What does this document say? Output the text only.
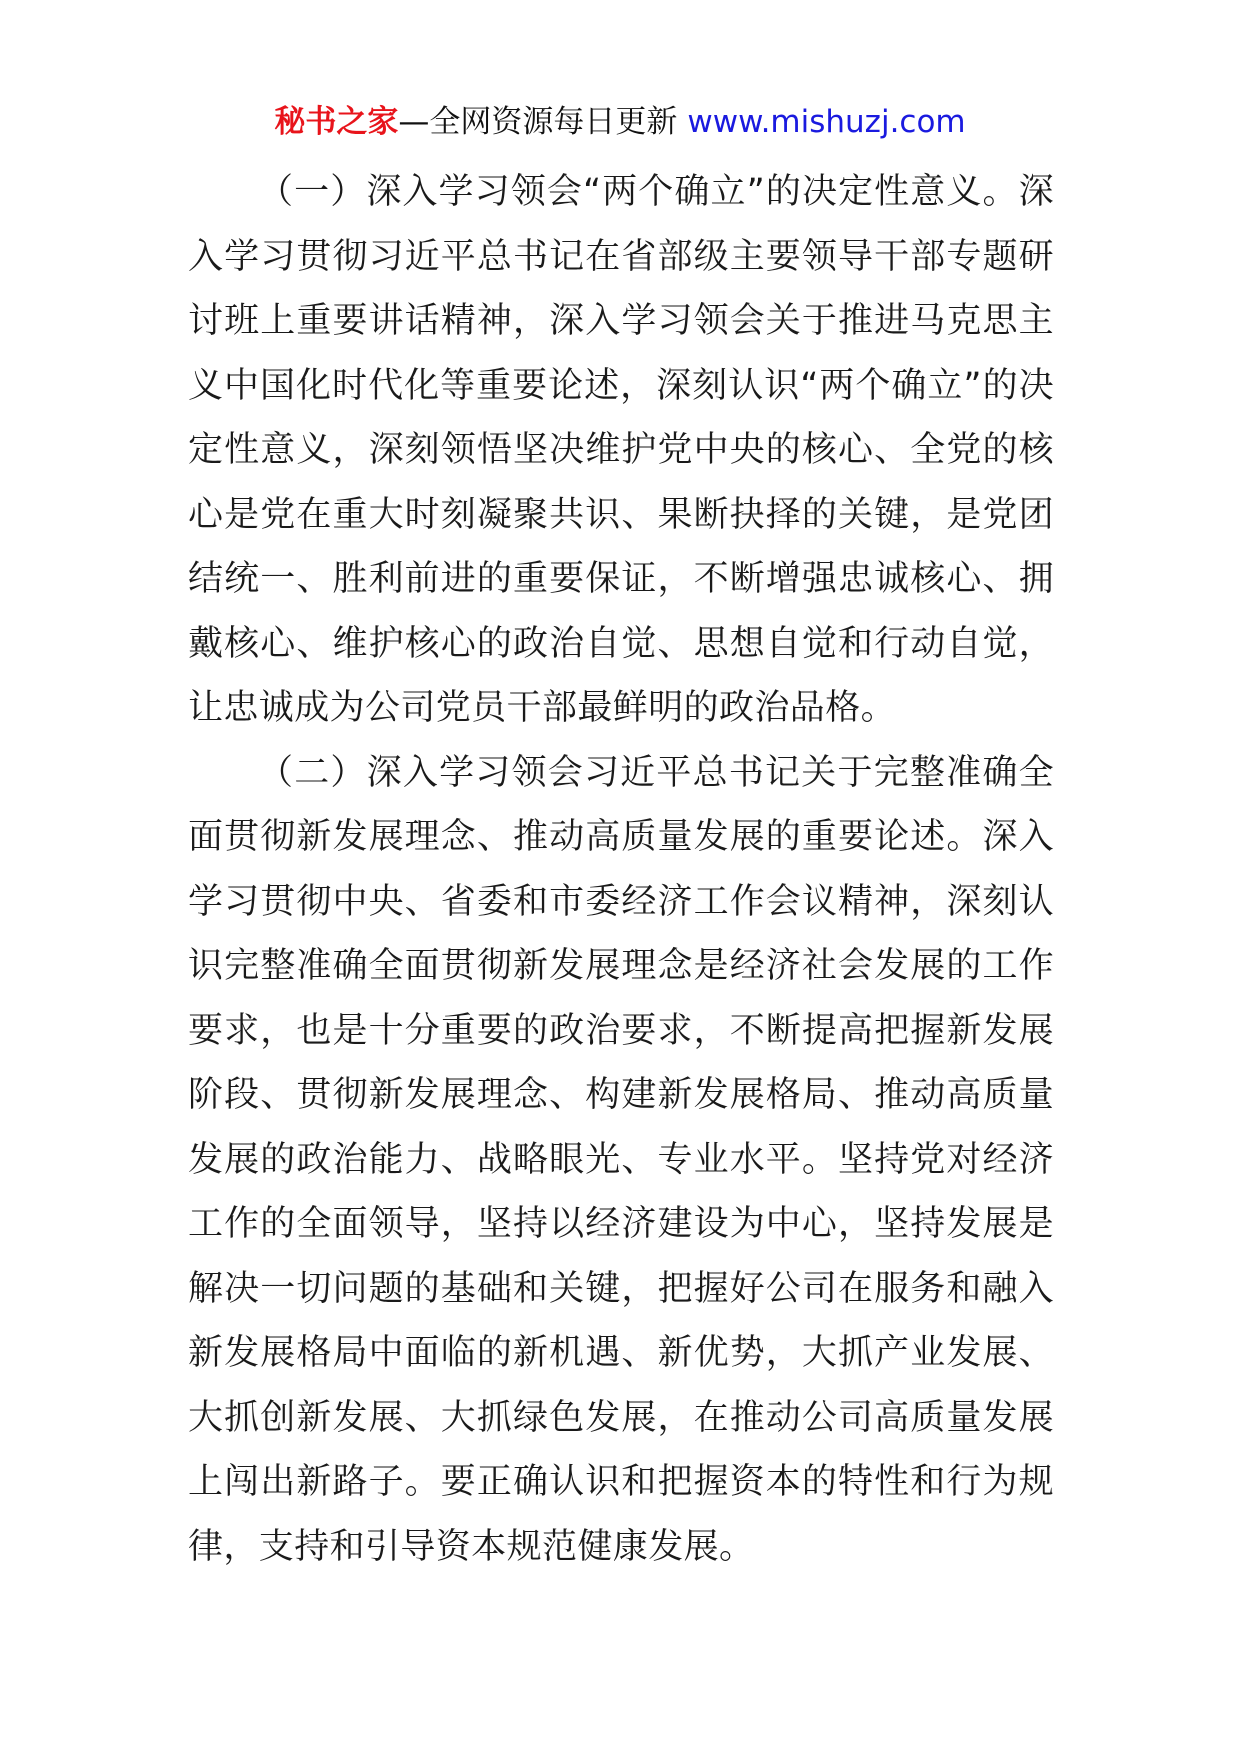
秘书之家—全网资源每日更新 www.mishuzj.com

（一）深入学习领会“两个确立”的决定性意义。深入学习贯彻习近平总书记在省部级主要领导干部专题研讨班上重要讲话精神，深入学习领会关于推进马克思主义中国化时代化等重要论述，深刻认识“两个确立”的决定性意义，深刻领悟坚决维护党中央的核心、全党的核心是党在重大时刻凝聚共识、果断抉择的关键，是党团结统一、胜利前进的重要保证，不断增强忠诚核心、拥戴核心、维护核心的政治自觉、思想自觉和行动自觉，让忠诚成为公司党员干部最鲜明的政治品格。

（二）深入学习领会习近平总书记关于完整准确全面贯彻新发展理念、推动高质量发展的重要论述。深入学习贯彻中央、省委和市委经济工作会议精神，深刻认识完整准确全面贯彻新发展理念是经济社会发展的工作要求，也是十分重要的政治要求，不断提高把握新发展阶段、贯彻新发展理念、构建新发展格局、推动高质量发展的政治能力、战略眼光、专业水平。坚持党对经济工作的全面领导，坚持以经济建设为中心，坚持发展是解决一切问题的基础和关键，把握好公司在服务和融入新发展格局中面临的新机遇、新优势，大抓产业发展、大抓创新发展、大抓绿色发展，在推动公司高质量发展上闯出新路子。要正确认识和把握资本的特性和行为规律，支持和引导资本规范健康发展。
